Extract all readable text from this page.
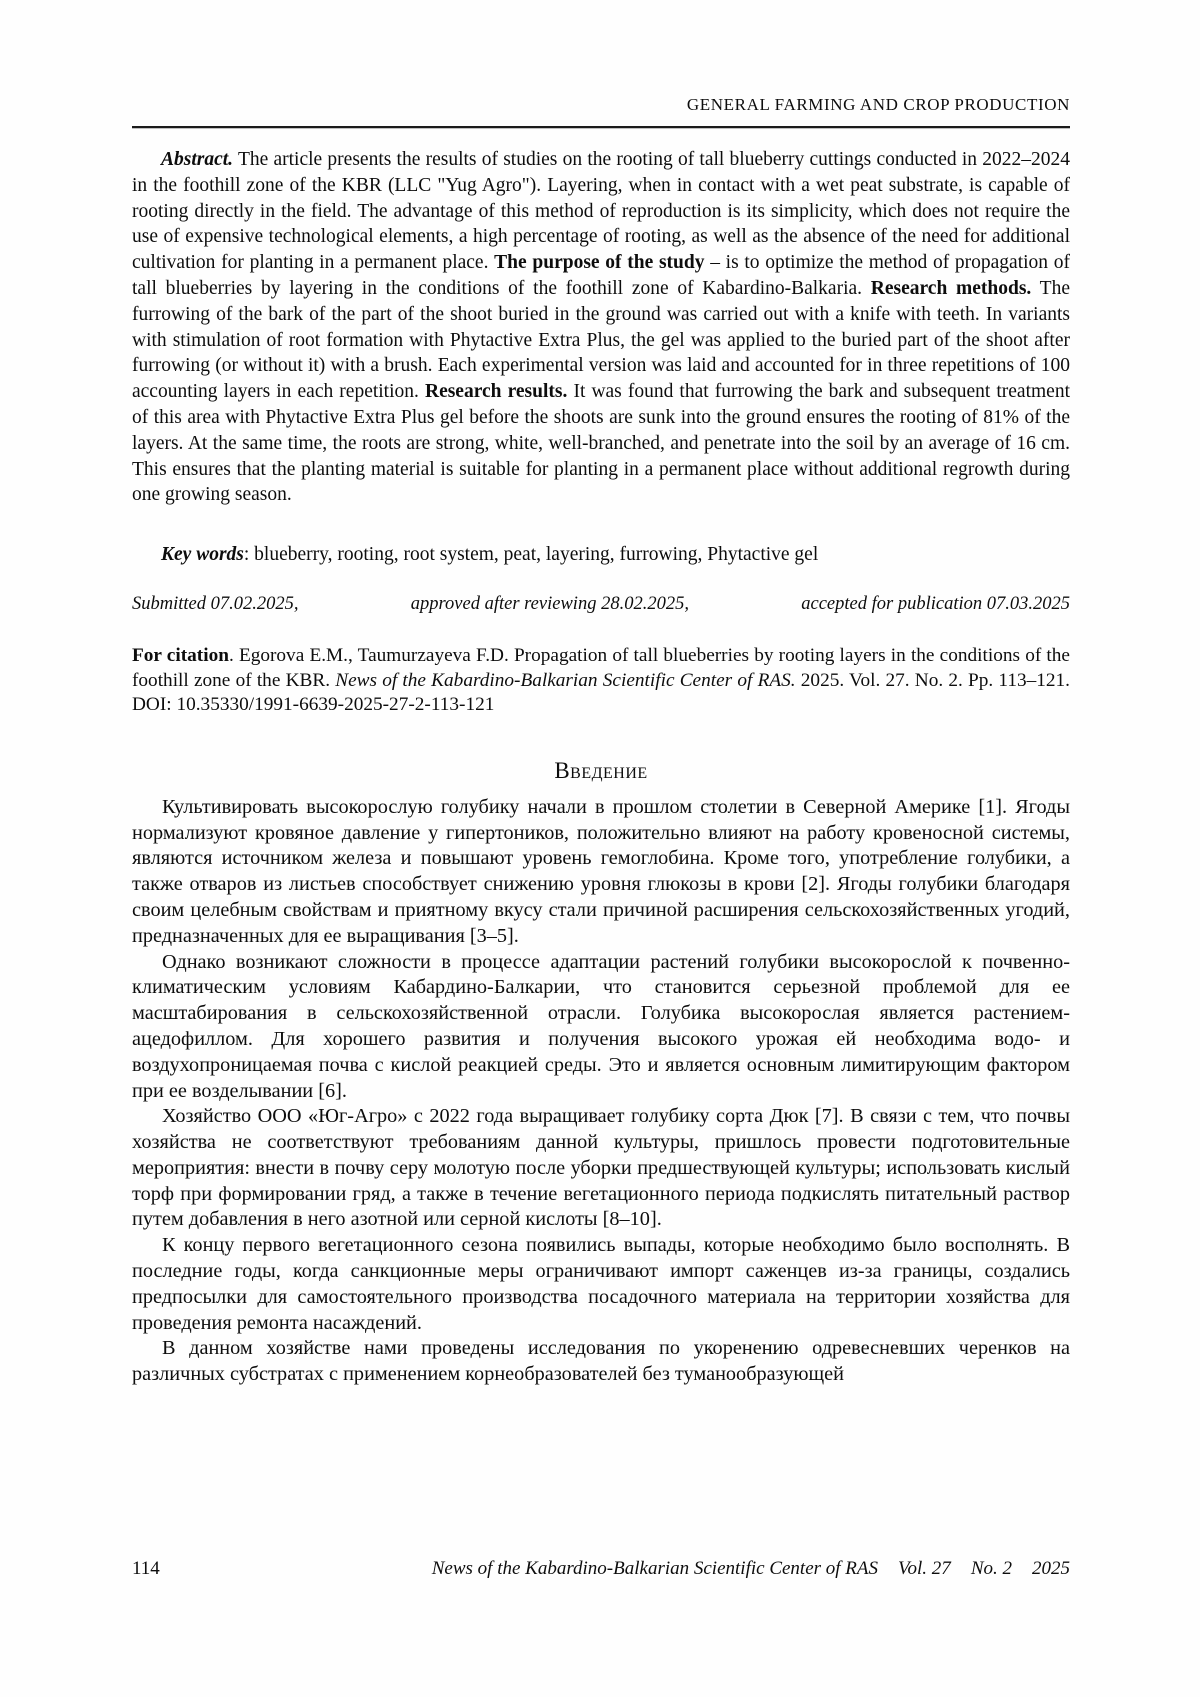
GENERAL FARMING AND CROP PRODUCTION

Abstract. The article presents the results of studies on the rooting of tall blueberry cuttings conducted in 2022–2024 in the foothill zone of the KBR (LLC "Yug Agro"). Layering, when in contact with a wet peat substrate, is capable of rooting directly in the field. The advantage of this method of reproduction is its simplicity, which does not require the use of expensive technological elements, a high percentage of rooting, as well as the absence of the need for additional cultivation for planting in a permanent place. The purpose of the study – is to optimize the method of propagation of tall blueberries by layering in the conditions of the foothill zone of Kabardino-Balkaria. Research methods. The furrowing of the bark of the part of the shoot buried in the ground was carried out with a knife with teeth. In variants with stimulation of root formation with Phytactive Extra Plus, the gel was applied to the buried part of the shoot after furrowing (or without it) with a brush. Each experimental version was laid and accounted for in three repetitions of 100 accounting layers in each repetition. Research results. It was found that furrowing the bark and subsequent treatment of this area with Phytactive Extra Plus gel before the shoots are sunk into the ground ensures the rooting of 81% of the layers. At the same time, the roots are strong, white, well-branched, and penetrate into the soil by an average of 16 cm. This ensures that the planting material is suitable for planting in a permanent place without additional regrowth during one growing season.

Key words: blueberry, rooting, root system, peat, layering, furrowing, Phytactive gel

Submitted 07.02.2025,	approved after reviewing 28.02.2025,	accepted for publication 07.03.2025

For citation. Egorova E.M., Taumurzayeva F.D. Propagation of tall blueberries by rooting layers in the conditions of the foothill zone of the KBR. News of the Kabardino-Balkarian Scientific Center of RAS. 2025. Vol. 27. No. 2. Pp. 113–121. DOI: 10.35330/1991-6639-2025-27-2-113-121

Введение

Культивировать высокорослую голубику начали в прошлом столетии в Северной Америке [1]. Ягоды нормализуют кровяное давление у гипертоников, положительно влияют на работу кровеносной системы, являются источником железа и повышают уровень гемоглобина. Кроме того, употребление голубики, а также отваров из листьев способствует снижению уровня глюкозы в крови [2]. Ягоды голубики благодаря своим целебным свойствам и приятному вкусу стали причиной расширения сельскохозяйственных угодий, предназначенных для ее выращивания [3–5].

Однако возникают сложности в процессе адаптации растений голубики высокорослой к почвенно-климатическим условиям Кабардино-Балкарии, что становится серьезной проблемой для ее масштабирования в сельскохозяйственной отрасли. Голубика высокорослая является растением-ацедофиллом. Для хорошего развития и получения высокого урожая ей необходима водо- и воздухопроницаемая почва с кислой реакцией среды. Это и является основным лимитирующим фактором при ее возделывании [6].

Хозяйство ООО «Юг-Агро» с 2022 года выращивает голубику сорта Дюк [7]. В связи с тем, что почвы хозяйства не соответствуют требованиям данной культуры, пришлось провести подготовительные мероприятия: внести в почву серу молотую после уборки предшествующей культуры; использовать кислый торф при формировании гряд, а также в течение вегетационного периода подкислять питательный раствор путем добавления в него азотной или серной кислоты [8–10].

К концу первого вегетационного сезона появились выпады, которые необходимо было восполнять. В последние годы, когда санкционные меры ограничивают импорт саженцев из-за границы, создались предпосылки для самостоятельного производства посадочного материала на территории хозяйства для проведения ремонта насаждений.

В данном хозяйстве нами проведены исследования по укоренению одревесневших черенков на различных субстратах с применением корнеобразователей без туманообразующей

114	News of the Kabardino-Balkarian Scientific Center of RAS Vol. 27 No. 2 2025
